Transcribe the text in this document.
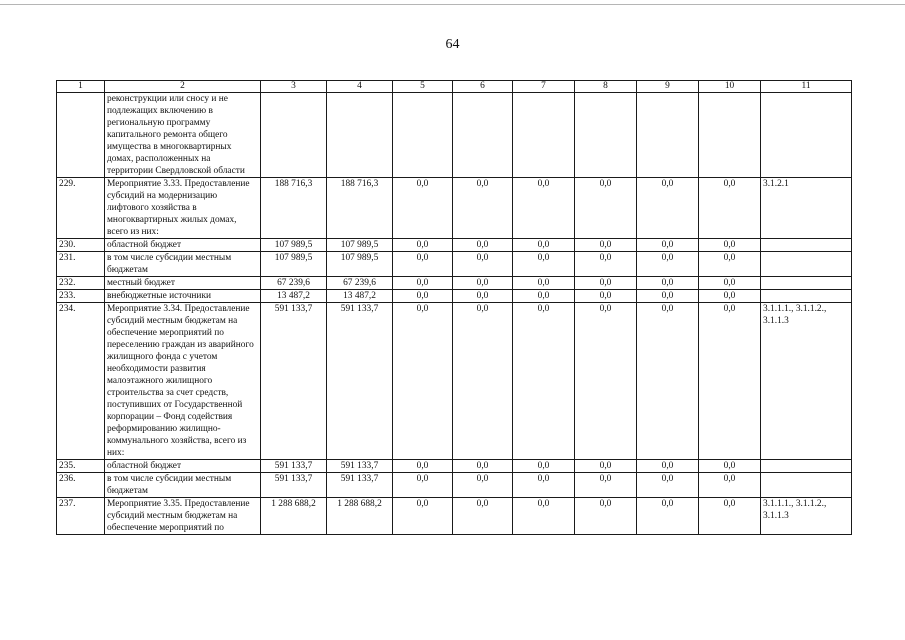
64
1	2	3	4	5	6	7	8	9	10	11
	реконструкции или сносу и не подлежащих включению в региональную программу капитального ремонта общего имущества в многоквартирных домах, расположенных на территории Свердловской области									
229.	Мероприятие 3.33. Предоставление субсидий на модернизацию лифтового хозяйства в многоквартирных жилых домах, всего из них:	188 716,3	188 716,3	0,0	0,0	0,0	0,0	0,0	0,0	3.1.2.1
230.	областной бюджет	107 989,5	107 989,5	0,0	0,0	0,0	0,0	0,0	0,0	
231.	в том числе субсидии местным бюджетам	107 989,5	107 989,5	0,0	0,0	0,0	0,0	0,0	0,0	
232.	местный бюджет	67 239,6	67 239,6	0,0	0,0	0,0	0,0	0,0	0,0	
233.	внебюджетные источники	13 487,2	13 487,2	0,0	0,0	0,0	0,0	0,0	0,0	
234.	Мероприятие 3.34. Предоставление субсидий местным бюджетам на обеспечение мероприятий по переселению граждан из аварийного жилищного фонда с учетом необходимости развития малоэтажного жилищного строительства за счет средств, поступивших от Государственной корпорации – Фонд содействия реформированию жилищно-коммунального хозяйства, всего из них:	591 133,7	591 133,7	0,0	0,0	0,0	0,0	0,0	0,0	3.1.1.1., 3.1.1.2., 3.1.1.3
235.	областной бюджет	591 133,7	591 133,7	0,0	0,0	0,0	0,0	0,0	0,0	
236.	в том числе субсидии местным бюджетам	591 133,7	591 133,7	0,0	0,0	0,0	0,0	0,0	0,0	
237.	Мероприятие 3.35. Предоставление субсидий местным бюджетам на обеспечение мероприятий по	1 288 688,2	1 288 688,2	0,0	0,0	0,0	0,0	0,0	0,0	3.1.1.1., 3.1.1.2., 3.1.1.3
